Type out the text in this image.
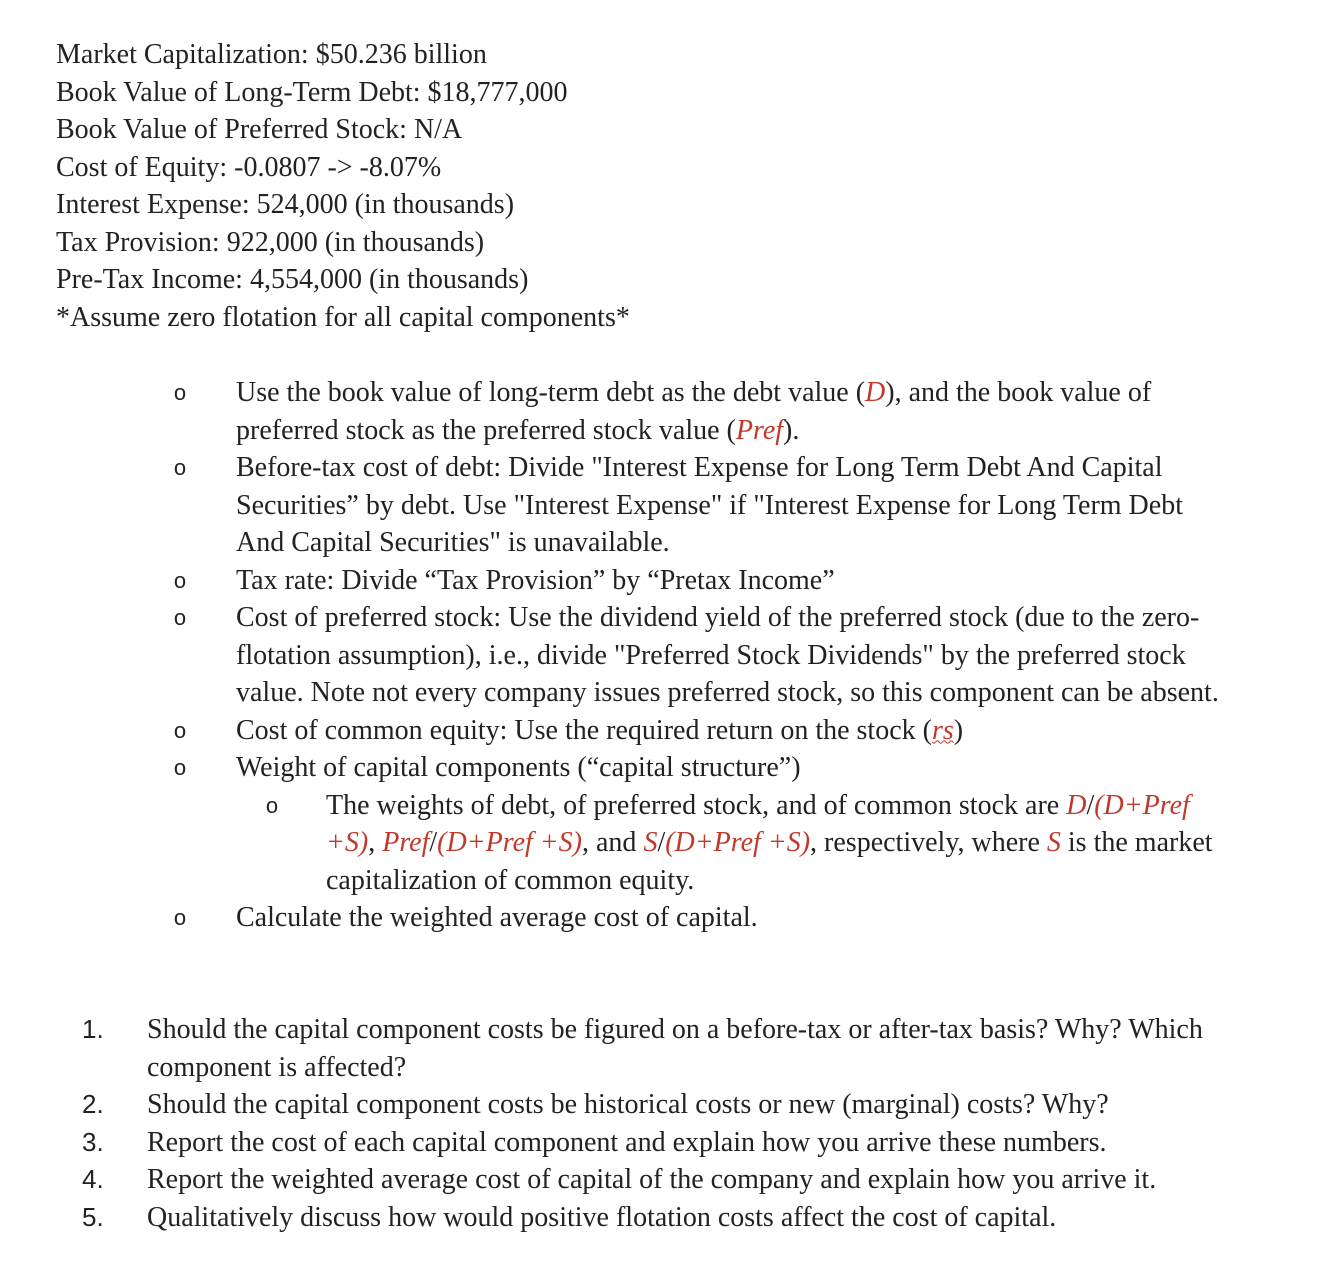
Market Capitalization: $50.236 billion
Book Value of Long-Term Debt: $18,777,000
Book Value of Preferred Stock: N/A
Cost of Equity: -0.0807 -> -8.07%
Interest Expense: 524,000 (in thousands)
Tax Provision: 922,000 (in thousands)
Pre-Tax Income: 4,554,000 (in thousands)
*Assume zero flotation for all capital components*
o Use the book value of long-term debt as the debt value (D), and the book value of preferred stock as the preferred stock value (Pref).
o Before-tax cost of debt: Divide "Interest Expense for Long Term Debt And Capital Securities” by debt. Use "Interest Expense" if "Interest Expense for Long Term Debt And Capital Securities" is unavailable.
o Tax rate: Divide “Tax Provision” by “Pretax Income”
o Cost of preferred stock: Use the dividend yield of the preferred stock (due to the zero-flotation assumption), i.e., divide "Preferred Stock Dividends" by the preferred stock value. Note not every company issues preferred stock, so this component can be absent.
o Cost of common equity: Use the required return on the stock (rs)
o Weight of capital components (“capital structure”)
o The weights of debt, of preferred stock, and of common stock are D/(D+Pref +S), Pref/(D+Pref +S), and S/(D+Pref +S), respectively, where S is the market capitalization of common equity.
o Calculate the weighted average cost of capital.
1. Should the capital component costs be figured on a before-tax or after-tax basis? Why? Which component is affected?
2. Should the capital component costs be historical costs or new (marginal) costs? Why?
3. Report the cost of each capital component and explain how you arrive these numbers.
4. Report the weighted average cost of capital of the company and explain how you arrive it.
5. Qualitatively discuss how would positive flotation costs affect the cost of capital.
